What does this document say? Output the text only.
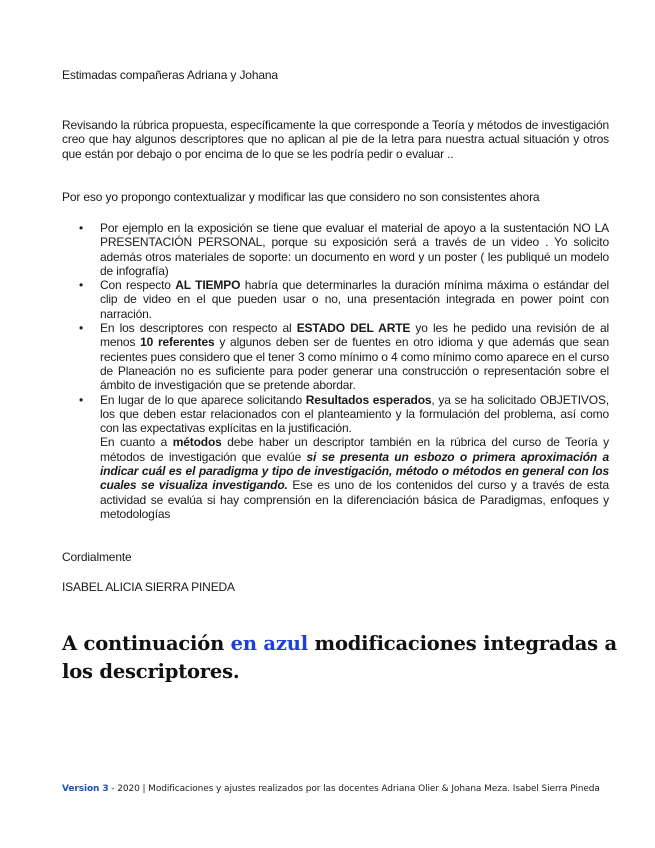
Estimadas compañeras Adriana y Johana
Revisando la rúbrica propuesta, específicamente la que corresponde a Teoría y métodos de investigación creo que hay algunos descriptores que no aplican al pie de la letra para nuestra actual situación y otros que están por debajo o por encima de lo que se les podría pedir o evaluar ..
Por eso yo propongo contextualizar y modificar las que considero no son consistentes ahora
• Por ejemplo en la exposición se tiene que evaluar el material de apoyo a la sustentación NO LA PRESENTACIÓN PERSONAL, porque su exposición será a través de un video . Yo solicito además otros materiales de soporte: un documento en word y un poster ( les publiqué un modelo de infografía)
• Con respecto AL TIEMPO habría que determinarles la duración mínima máxima o estándar del clip de video en el que pueden usar o no, una presentación integrada en power point con narración.
• En los descriptores con respecto al ESTADO DEL ARTE yo les he pedido una revisión de al menos 10 referentes y algunos deben ser de fuentes en otro idioma y que además que sean recientes pues considero que el tener 3 como mínimo o 4 como mínimo como aparece en el curso de Planeación no es suficiente para poder generar una construcción o representación sobre el ámbito de investigación que se pretende abordar.
• En lugar de lo que aparece solicitando Resultados esperados, ya se ha solicitado OBJETIVOS, los que deben estar relacionados con el planteamiento y la formulación del problema, así como con las expectativas explícitas en la justificación.
En cuanto a métodos debe haber un descriptor también en la rúbrica del curso de Teoría y métodos de investigación que evalúe si se presenta un esbozo o primera aproximación a indicar cuál es el paradigma y tipo de investigación, método o métodos en general con los cuales se visualiza investigando. Ese es uno de los contenidos del curso y a través de esta actividad se evalúa si hay comprensión en la diferenciación básica de Paradigmas, enfoques y metodologías
Cordialmente
ISABEL ALICIA SIERRA PINEDA
A continuación en azul modificaciones integradas a los descriptores.
Version 3 - 2020 | Modificaciones y ajustes realizados por las docentes Adriana Olier & Johana Meza. Isabel Sierra Pineda
